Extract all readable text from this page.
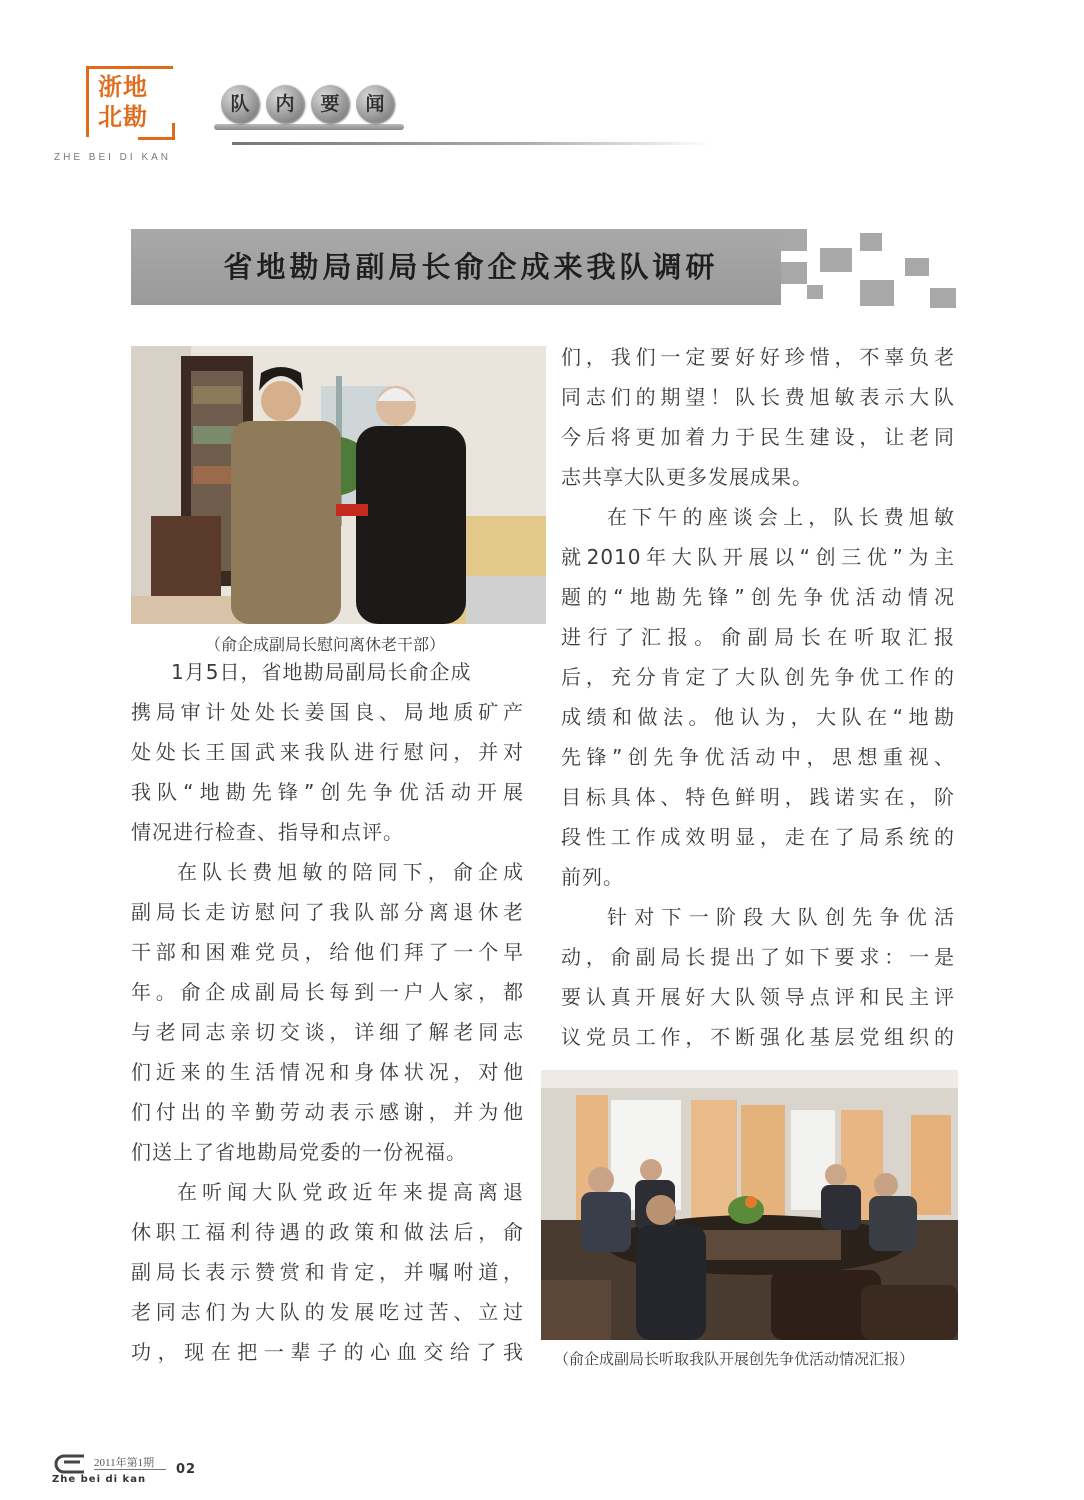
浙地
北勘
ZHE BEI DI KAN
队	内	要	闻
省地勘局副局长俞企成来我队调研
（俞企成副局长慰问离休老干部）
1月5日，省地勘局副局长俞企成
携局审计处处长姜国良、局地质矿产
处处长王国武来我队进行慰问，并对
我队“地勘先锋”创先争优活动开展
情况进行检查、指导和点评。
在队长费旭敏的陪同下，俞企成
副局长走访慰问了我队部分离退休老
干部和困难党员，给他们拜了一个早
年。俞企成副局长每到一户人家，都
与老同志亲切交谈，详细了解老同志
们近来的生活情况和身体状况，对他
们付出的辛勤劳动表示感谢，并为他
们送上了省地勘局党委的一份祝福。
在听闻大队党政近年来提高离退
休职工福利待遇的政策和做法后，俞
副局长表示赞赏和肯定，并嘱咐道，
老同志们为大队的发展吃过苦、立过
功，现在把一辈子的心血交给了我
们，我们一定要好好珍惜，不辜负老
同志们的期望！队长费旭敏表示大队
今后将更加着力于民生建设，让老同
志共享大队更多发展成果。
在下午的座谈会上，队长费旭敏
就2010年大队开展以“创三优”为主
题的“地勘先锋”创先争优活动情况
进行了汇报。俞副局长在听取汇报
后，充分肯定了大队创先争优工作的
成绩和做法。他认为，大队在“地勘
先锋”创先争优活动中，思想重视、
目标具体、特色鲜明，践诺实在，阶
段性工作成效明显，走在了局系统的
前列。
针对下一阶段大队创先争优活
动，俞副局长提出了如下要求：一是
要认真开展好大队领导点评和民主评
议党员工作，不断强化基层党组织的
（俞企成副局长听取我队开展创先争优活动情况汇报）
2011年第1期 02
Zhe bei di kan
